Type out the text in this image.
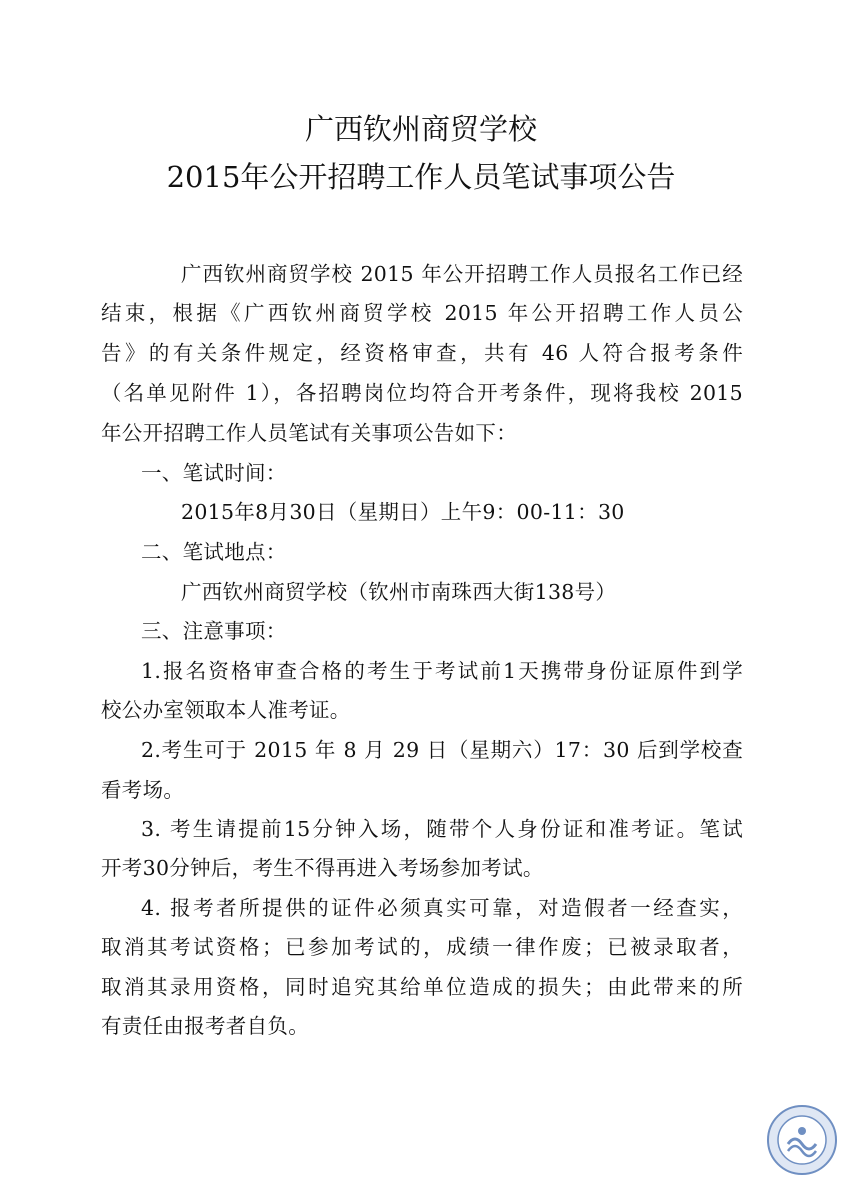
广西钦州商贸学校
2015年公开招聘工作人员笔试事项公告
广西钦州商贸学校 2015 年公开招聘工作人员报名工作已经
结束，根据《广西钦州商贸学校 2015 年公开招聘工作人员公
告》的有关条件规定，经资格审查，共有 46 人符合报考条件
（名单见附件 1），各招聘岗位均符合开考条件，现将我校 2015
年公开招聘工作人员笔试有关事项公告如下：
一、笔试时间：
2015年8月30日（星期日）上午9：00-11：30
二、笔试地点：
广西钦州商贸学校（钦州市南珠西大街138号）
三、注意事项：
1.报名资格审查合格的考生于考试前1天携带身份证原件到学
校公办室领取本人准考证。
2.考生可于 2015 年 8 月 29 日（星期六）17：30 后到学校查
看考场。
3. 考生请提前15分钟入场，随带个人身份证和准考证。笔试
开考30分钟后，考生不得再进入考场参加考试。
4. 报考者所提供的证件必须真实可靠，对造假者一经查实，
取消其考试资格；已参加考试的，成绩一律作废；已被录取者，
取消其录用资格，同时追究其给单位造成的损失；由此带来的所
有责任由报考者自负。
